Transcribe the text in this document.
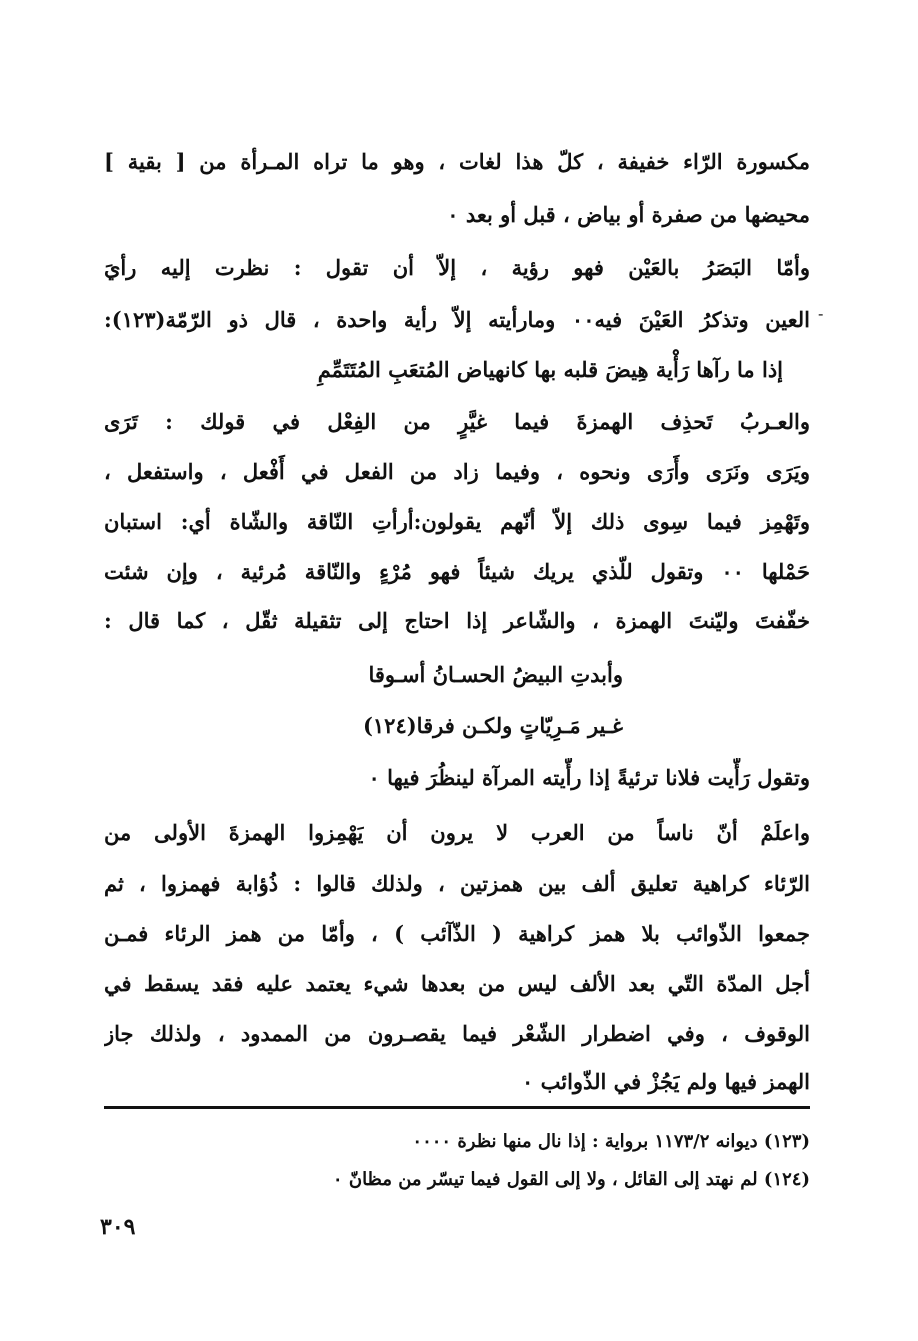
مكسورة الرّاء خفيفة ، كلّ هذا لغات ، وهو ما تراه المـرأة من [ بقية ]
محيضها من صفرة أو بياض ، قبل أو بعد ٠
وأمّا البَصَرُ بالعَيْن فهو رؤية ، إلاّ أن تقول : نظرت إليه رأيَ
العين وتذكرُ العَيْنَ فيه٠٠ ومارأيته إلاّ رأية واحدة ، قال ذو الرّمّة(١٢٣): -
إذا ما رآها رَأْية هِيضَ قلبه بها كانهياض المُتعَبِ المُتَتَمِّمِ
والعـربُ تَحذِف الهمزةَ فيما غيَّرٍ من الفِعْل في قولك : تَرَى
ويَرَى ونَرَى وأَرَى ونحوه ، وفيما زاد من الفعل في أَفْعل ، واستفعل ،
وتَهْمِز فيما سِوى ذلك إلاّ أنّهم يقولون:أرأتِ النّاقة والشّاة أي: استبان
حَمْلها ٠٠ وتقول للّذي يريك شيئاً فهو مُرْءٍ والنّاقة مُرئية ، وإن شئت
خفّفتَ وليّنتَ الهمزة ، والشّاعر إذا احتاج إلى تثقيلة ثقّل ، كما قال :
وأبدتِ البيضُ الحسـانُ أسـوقا
غـير مَـرِيّاتٍ ولكـن فرقا(١٢٤)
وتقول رَأّيت فلانا ترئيةً إذا رأّيته المرآة لينظُرَ فيها ٠
واعلَمْ أنّ ناساً من العرب لا يرون أن يَهْمِزوا الهمزةَ الأولى من
الرّئاء كراهية تعليق ألف بين همزتين ، ولذلك قالوا : ذُؤابة فهمزوا ، ثم
جمعوا الذّوائب بلا همز كراهية ( الذّآئب ) ، وأمّا من همز الرئاء فمـن
أجل المدّة التّي بعد الألف ليس من بعدها شيء يعتمد عليه فقد يسقط في
الوقوف ، وفي اضطرار الشّعْر فيما يقصـرون من الممدود ، ولذلك جاز
الهمز فيها ولم يَجُزْ في الذّوائب ٠
(١٢٣) ديوانه ١١٧٣/٢ برواية : إذا نال منها نظرة ٠٠٠٠
(١٢٤) لم نهتد إلى القائل ، ولا إلى القول فيما تيسّر من مظانّ ٠
٣٠٩
